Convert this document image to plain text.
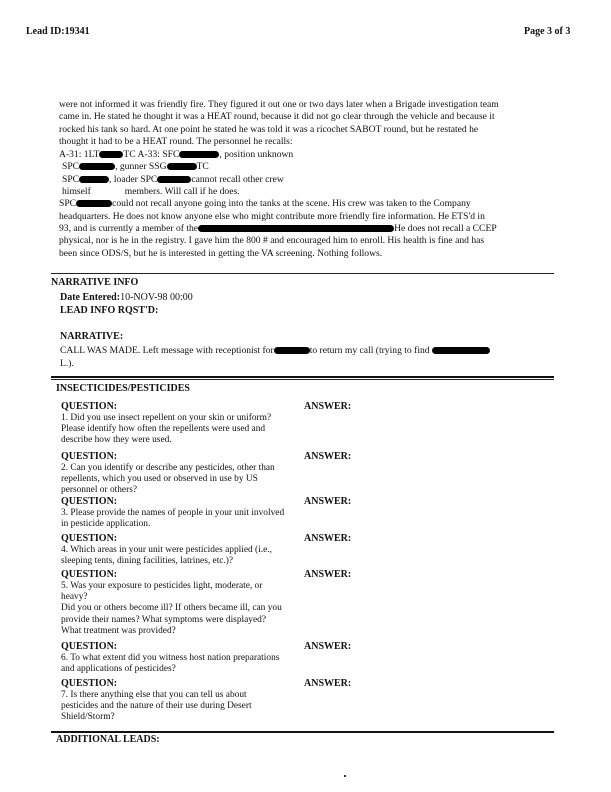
Lead ID:19341	Page 3 of 3
were not informed it was friendly fire. They figured it out one or two days later when a Brigade investigation team
came in. He stated he thought it was a HEAT round, because it did not go clear through the vehicle and because it
rocked his tank so hard. At one point he stated he was told it was a ricochet SABOT round, but he restated he
thought it had to be a HEAT round. The personnel he recalls:
A-31: 1LT	TC A-33: SFC	, position unknown
SPC	, gunner SSG	TC
SPC	, loader SPC	cannot recall other crew
himself	members. Will call if he does.
SPC	could not recall anyone going into the tanks at the scene. His crew was taken to the Company
headquarters. He does not know anyone else who might contribute more friendly fire information. He ETS'd in
93, and is currently a member of the	He does not recall a CCEP
physical, nor is he in the registry. I gave him the 800 # and encouraged him to enroll. His health is fine and has
been since ODS/S, but he is interested in getting the VA screening. Nothing follows.
NARRATIVE INFO
Date Entered:10-NOV-98 00:00
LEAD INFO RQST'D:
NARRATIVE:
CALL WAS MADE. Left message with receptionist for	to return my call (trying to find
L.).
INSECTICIDES/PESTICIDES
QUESTION:	ANSWER:
1. Did you use insect repellent on your skin or uniform?
Please identify how often the repellents were used and
describe how they were used.
QUESTION:	ANSWER:
2. Can you identify or describe any pesticides, other than
repellents, which you used or observed in use by US
personnel or others?
QUESTION:	ANSWER:
3. Please provide the names of people in your unit involved
in pesticide application.
QUESTION:	ANSWER:
4. Which areas in your unit were pesticides applied (i.e.,
sleeping tents, dining facilities, latrines, etc.)?
QUESTION:	ANSWER:
5. Was your exposure to pesticides light, moderate, or
heavy?
Did you or others become ill? If others became ill, can you
provide their names? What symptoms were displayed?
What treatment was provided?
QUESTION:	ANSWER:
6. To what extent did you witness host nation preparations
and applications of pesticides?
QUESTION:	ANSWER:
7. Is there anything else that you can tell us about
pesticides and the nature of their use during Desert
Shield/Storm?
ADDITIONAL LEADS:
